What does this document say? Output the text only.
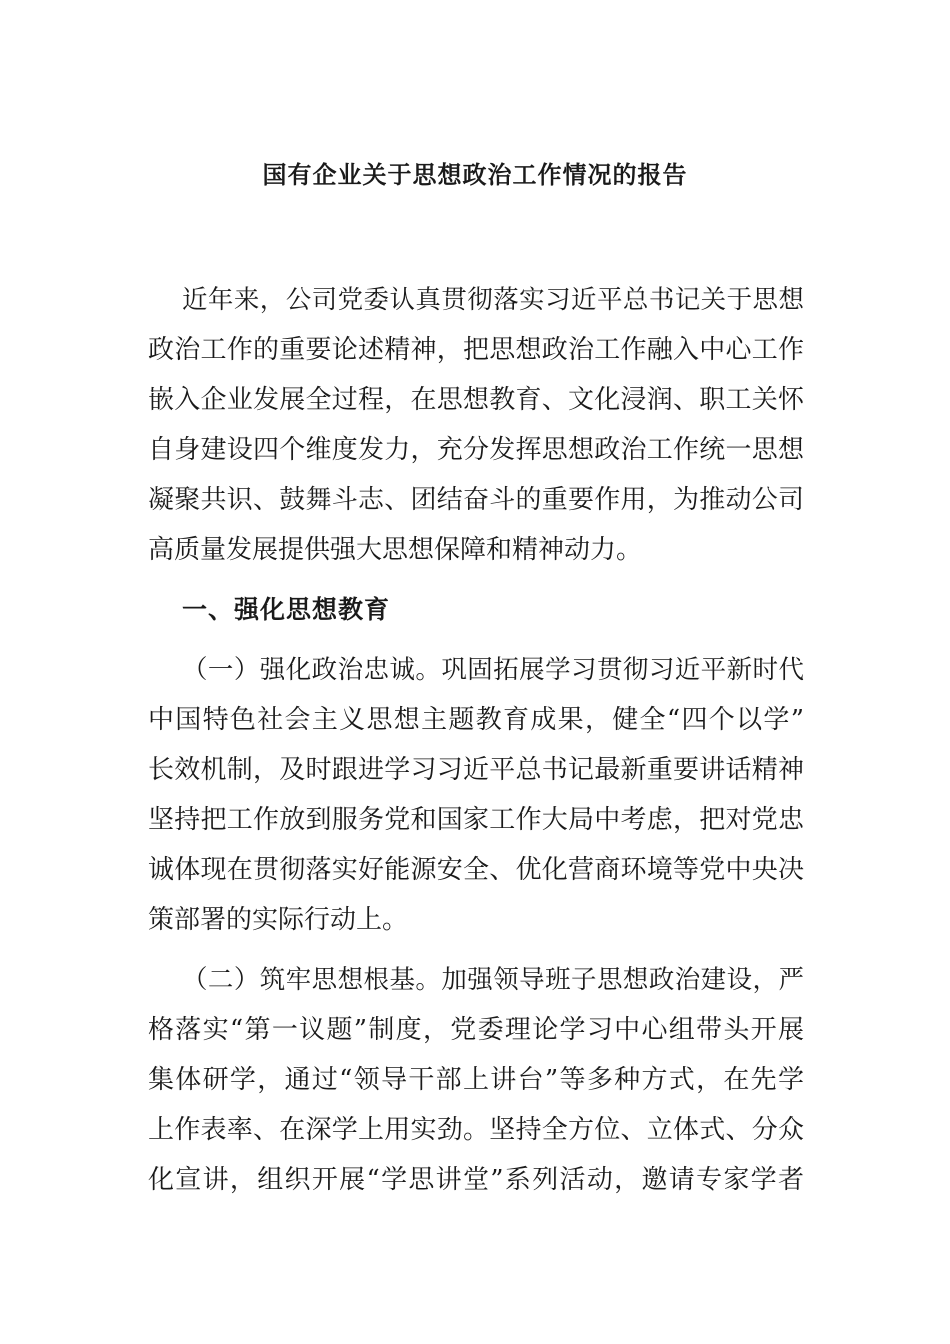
国有企业关于思想政治工作情况的报告
近年来，公司党委认真贯彻落实习近平总书记关于思想
政治工作的重要论述精神，把思想政治工作融入中心工作
嵌入企业发展全过程，在思想教育、文化浸润、职工关怀
自身建设四个维度发力，充分发挥思想政治工作统一思想
凝聚共识、鼓舞斗志、团结奋斗的重要作用，为推动公司
高质量发展提供强大思想保障和精神动力。
一、强化思想教育
（一）强化政治忠诚。巩固拓展学习贯彻习近平新时代
中国特色社会主义思想主题教育成果，健全“四个以学”
长效机制，及时跟进学习习近平总书记最新重要讲话精神
坚持把工作放到服务党和国家工作大局中考虑，把对党忠
诚体现在贯彻落实好能源安全、优化营商环境等党中央决
策部署的实际行动上。
（二）筑牢思想根基。加强领导班子思想政治建设，严
格落实“第一议题”制度，党委理论学习中心组带头开展
集体研学，通过“领导干部上讲台”等多种方式，在先学
上作表率、在深学上用实劲。坚持全方位、立体式、分众
化宣讲，组织开展“学思讲堂”系列活动，邀请专家学者
